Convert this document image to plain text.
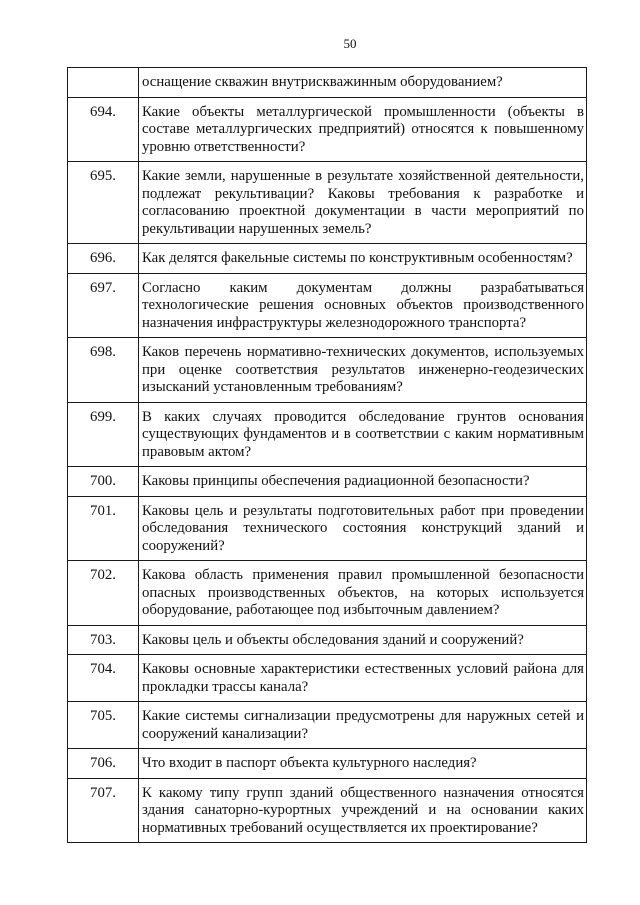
50
	оснащение скважин внутрискважинным оборудованием?
694.	Какие объекты металлургической промышленности (объекты в составе металлургических предприятий) относятся к повышенному уровню ответственности?
695.	Какие земли, нарушенные в результате хозяйственной деятельности, подлежат рекультивации? Каковы требования к разработке и согласованию проектной документации в части мероприятий по рекультивации нарушенных земель?
696.	Как делятся факельные системы по конструктивным особенностям?
697.	Согласно каким документам должны разрабатываться технологические решения основных объектов производственного назначения инфраструктуры железнодорожного транспорта?
698.	Каков перечень нормативно-технических документов, используемых при оценке соответствия результатов инженерно-геодезических изысканий установленным требованиям?
699.	В каких случаях проводится обследование грунтов основания существующих фундаментов и в соответствии с каким нормативным правовым актом?
700.	Каковы принципы обеспечения радиационной безопасности?
701.	Каковы цель и результаты подготовительных работ при проведении обследования технического состояния конструкций зданий и сооружений?
702.	Какова область применения правил промышленной безопасности опасных производственных объектов, на которых используется оборудование, работающее под избыточным давлением?
703.	Каковы цель и объекты обследования зданий и сооружений?
704.	Каковы основные характеристики естественных условий района для прокладки трассы канала?
705.	Какие системы сигнализации предусмотрены для наружных сетей и сооружений канализации?
706.	Что входит в паспорт объекта культурного наследия?
707.	К какому типу групп зданий общественного назначения относятся здания санаторно-курортных учреждений и на основании каких нормативных требований осуществляется их проектирование?
